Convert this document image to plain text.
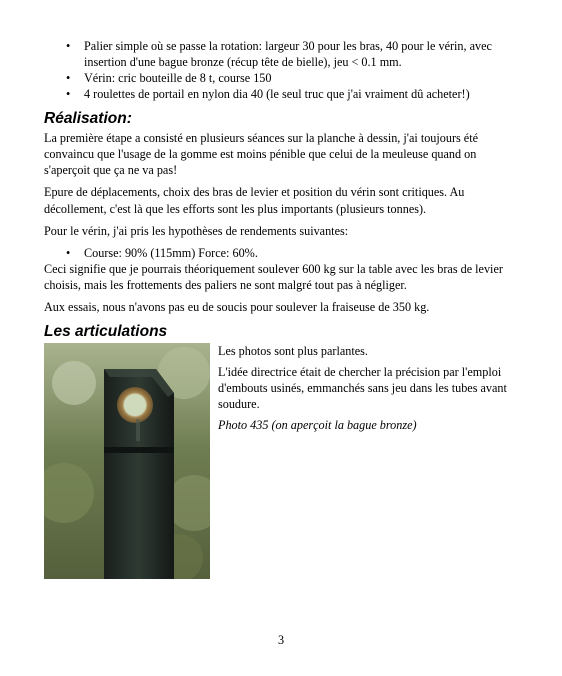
• Palier simple où se passe la rotation: largeur 30 pour les bras, 40 pour le vérin, avec insertion d'une bague bronze (récup tête de bielle), jeu < 0.1 mm.
• Vérin: cric bouteille de 8 t, course 150
• 4 roulettes de portail en nylon dia 40 (le seul truc que j'ai vraiment dû acheter!)
Réalisation:

La première étape a consisté en plusieurs séances sur la planche à dessin, j'ai toujours été convaincu que l'usage de la gomme est moins pénible que celui de la meuleuse quand on s'aperçoit que ça ne va pas!

Epure de déplacements, choix des bras de levier et position du vérin sont critiques. Au décollement, c'est là que les efforts sont les plus importants (plusieurs tonnes).

Pour le vérin, j'ai pris les hypothèses de rendements suivantes:

• Course: 90% (115mm) Force: 60%.

Ceci signifie que je pourrais théoriquement soulever 600 kg sur la table avec les bras de levier choisis, mais les frottements des paliers ne sont malgré tout pas à négliger.

Aux essais, nous n'avons pas eu de soucis pour soulever la fraiseuse de 350 kg.

Les articulations

Les photos sont plus parlantes.

L'idée directrice était de chercher la précision par l'emploi d'embouts usinés, emmanchés sans jeu dans les tubes avant soudure.

Photo 435 (on aperçoit la bague bronze)

3
